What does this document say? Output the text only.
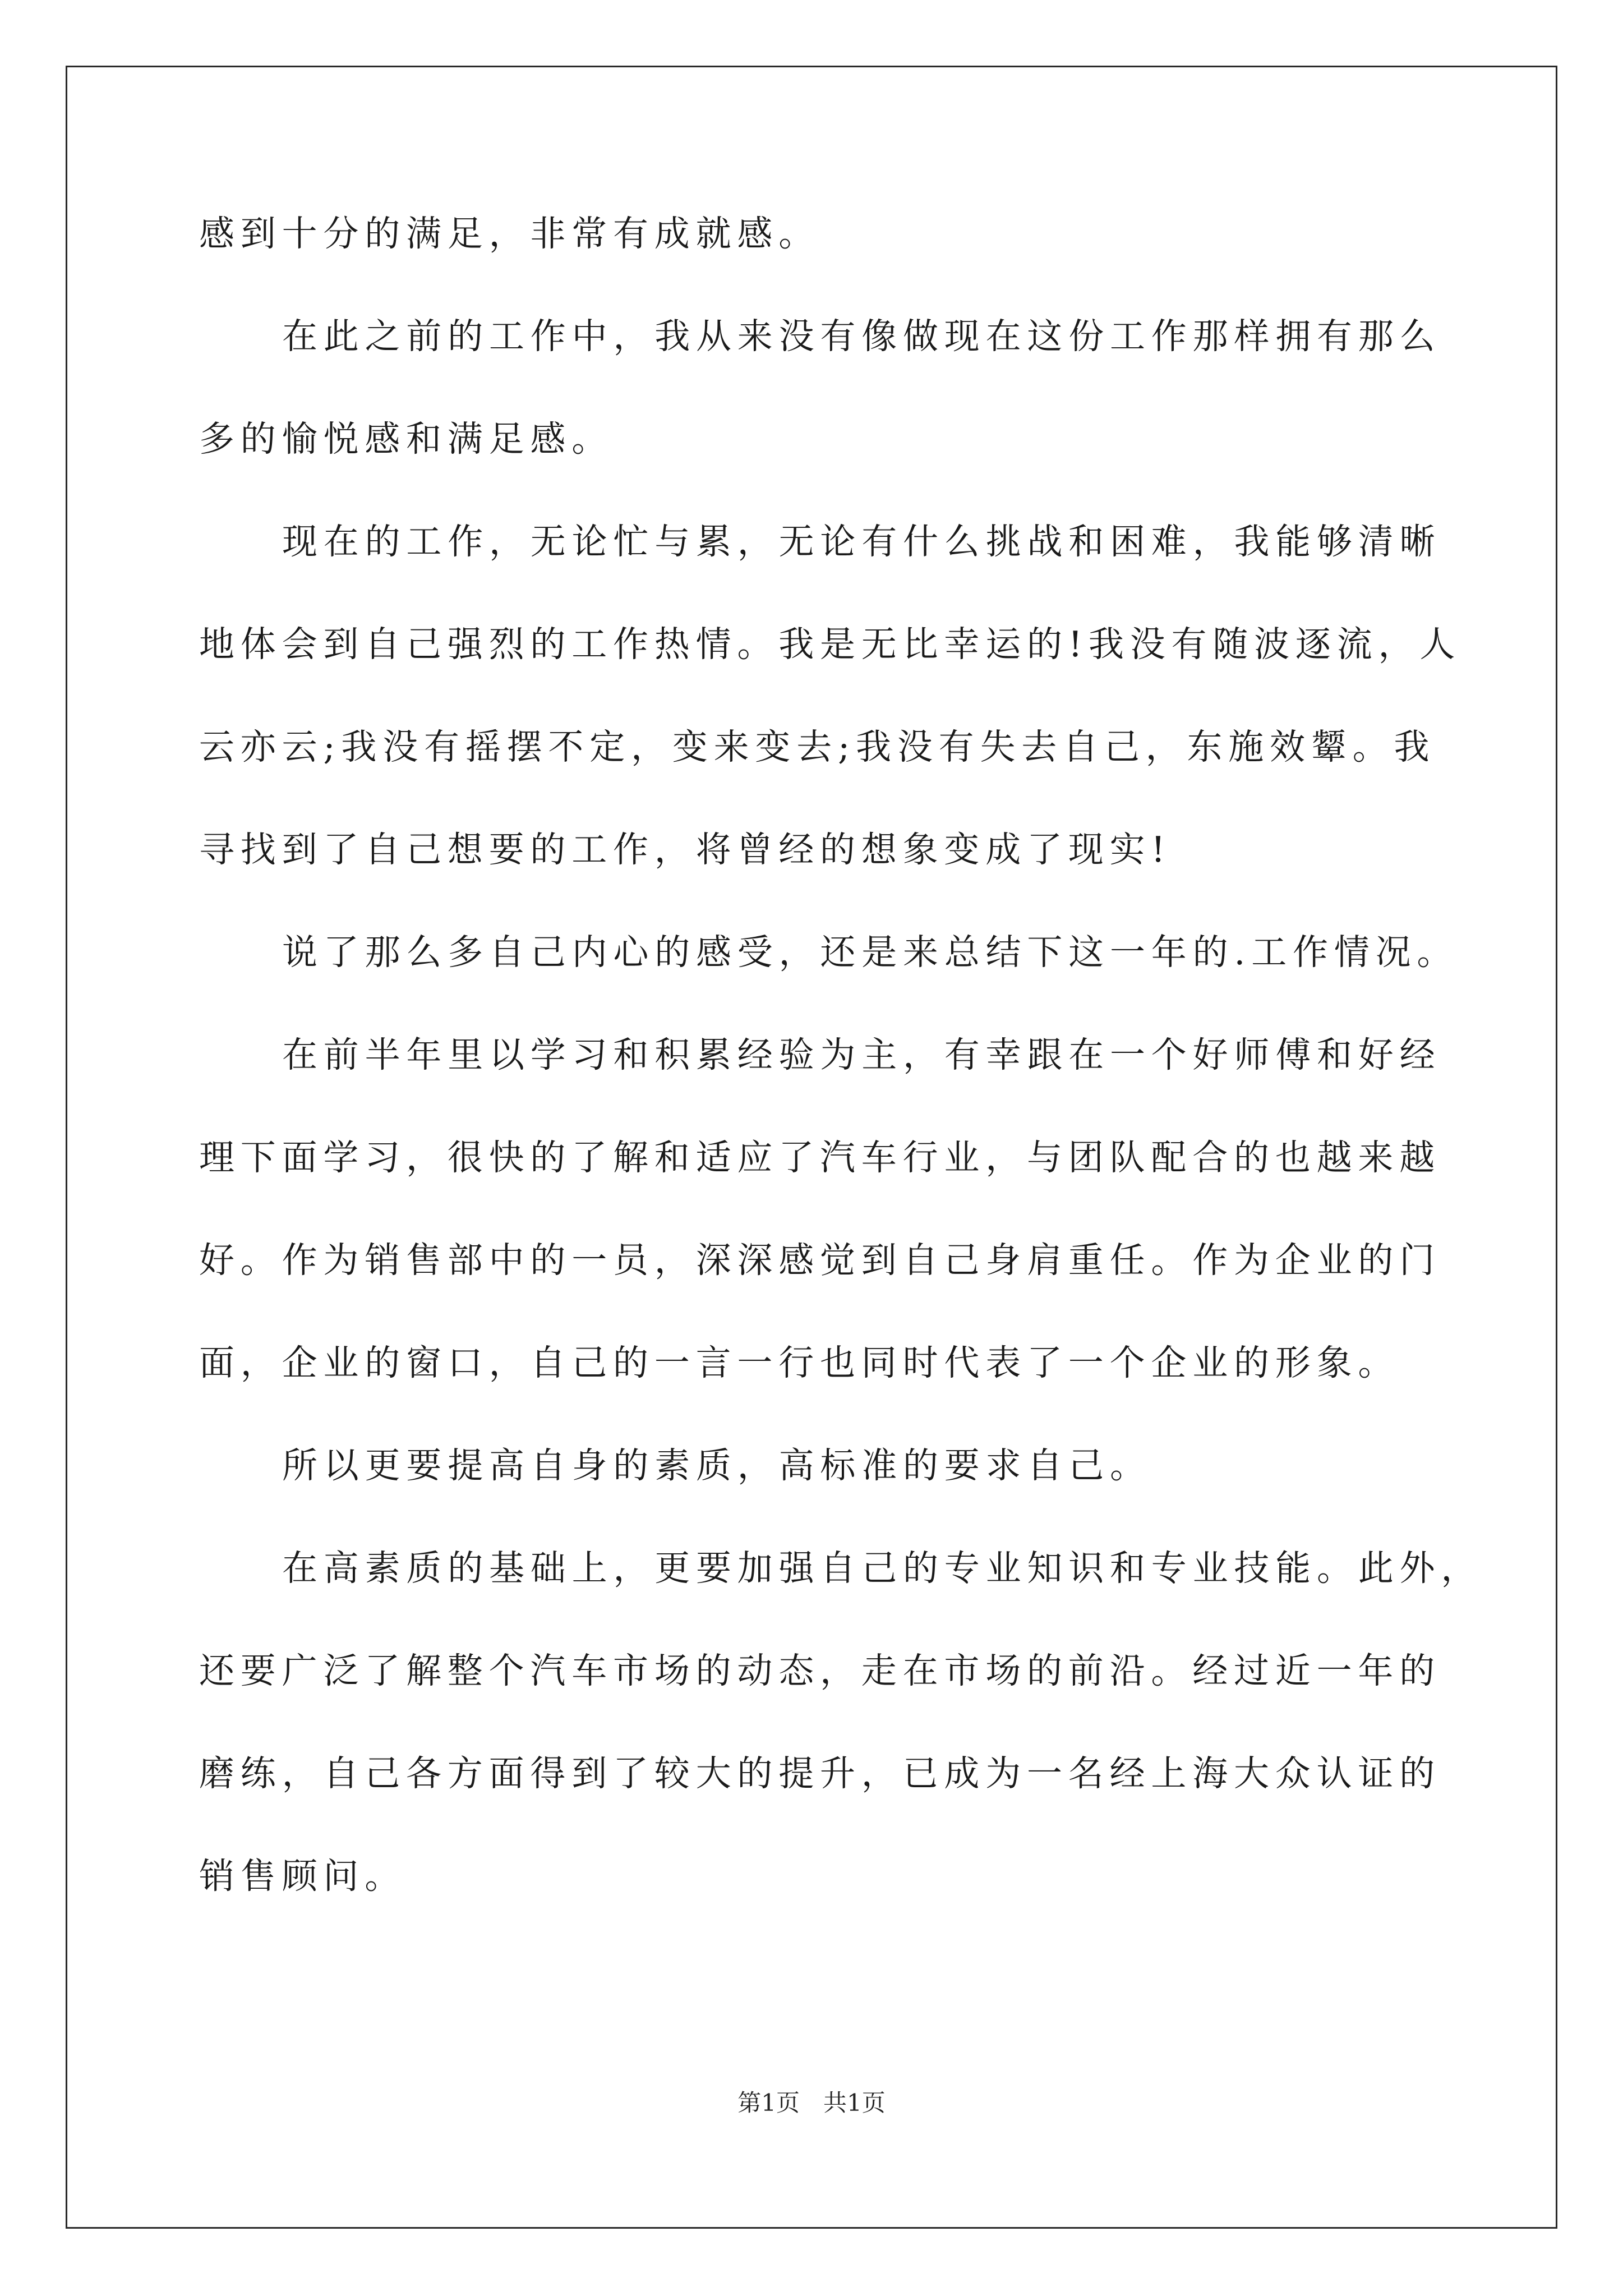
感到十分的满足，非常有成就感。
在此之前的工作中，我从来没有像做现在这份工作那样拥有那么
多的愉悦感和满足感。
现在的工作，无论忙与累，无论有什么挑战和困难，我能够清晰
地体会到自己强烈的工作热情。我是无比幸运的!我没有随波逐流，人
云亦云;我没有摇摆不定，变来变去;我没有失去自己，东施效颦。我
寻找到了自己想要的工作，将曾经的想象变成了现实!
说了那么多自己内心的感受，还是来总结下这一年的.工作情况。
在前半年里以学习和积累经验为主，有幸跟在一个好师傅和好经
理下面学习，很快的了解和适应了汽车行业，与团队配合的也越来越
好。作为销售部中的一员，深深感觉到自己身肩重任。作为企业的门
面，企业的窗口，自己的一言一行也同时代表了一个企业的形象。
所以更要提高自身的素质，高标准的要求自己。
在高素质的基础上，更要加强自己的专业知识和专业技能。此外，
还要广泛了解整个汽车市场的动态，走在市场的前沿。经过近一年的
磨练，自己各方面得到了较大的提升，已成为一名经上海大众认证的
销售顾问。
第1页　共1页
